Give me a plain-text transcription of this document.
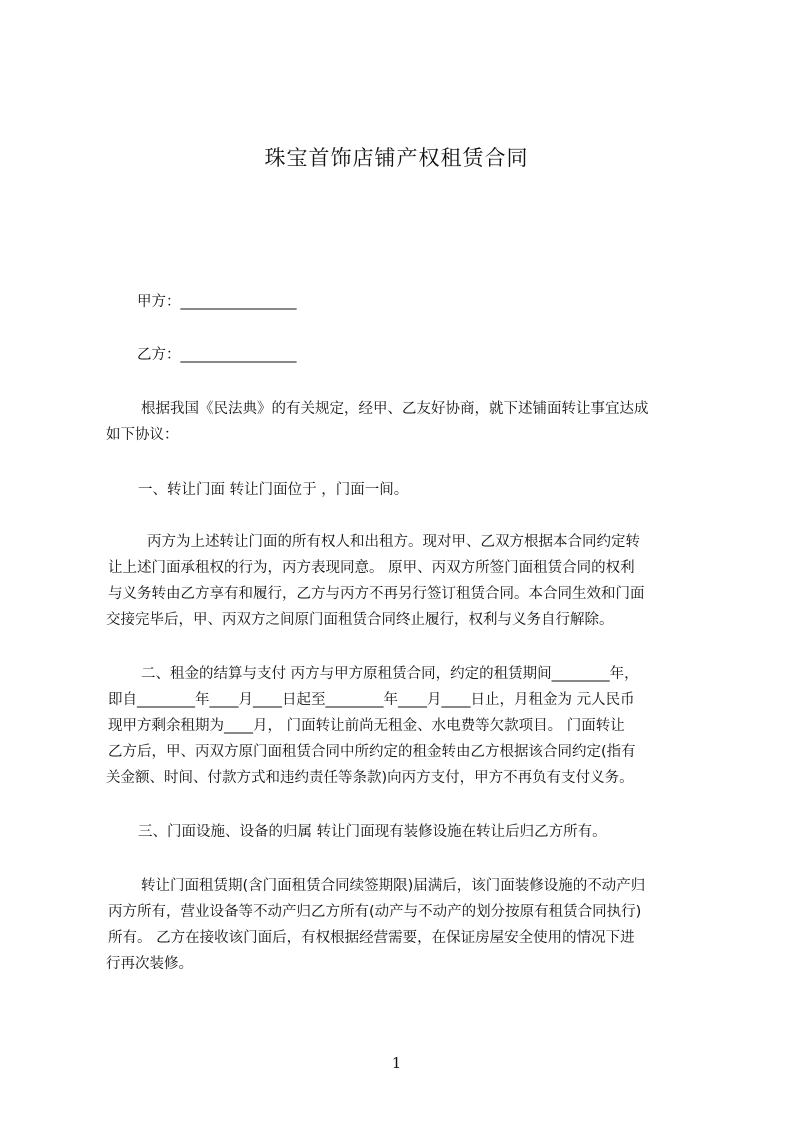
珠宝首饰店铺产权租赁合同
甲方：________________
乙方：________________
根据我国《民法典》的有关规定，经甲、乙友好协商，就下述铺面转让事宜达成
如下协议：
一、转让门面 转让门面位于 ，门面一间。
丙方为上述转让门面的所有权人和出租方。现对甲、乙双方根据本合同约定转
让上述门面承租权的行为，丙方表现同意。 原甲、丙双方所签门面租赁合同的权利
与义务转由乙方享有和履行，乙方与丙方不再另行签订租赁合同。本合同生效和门面
交接完毕后，甲、丙双方之间原门面租赁合同终止履行，权利与义务自行解除。
二、租金的结算与支付 丙方与甲方原租赁合同，约定的租赁期间________年，
即自________年____月____日起至________年____月____日止，月租金为 元人民币
现甲方剩余租期为____月， 门面转让前尚无租金、水电费等欠款项目。 门面转让
乙方后，甲、丙双方原门面租赁合同中所约定的租金转由乙方根据该合同约定(指有
关金额、时间、付款方式和违约责任等条款)向丙方支付，甲方不再负有支付义务。
三、门面设施、设备的归属 转让门面现有装修设施在转让后归乙方所有。
转让门面租赁期(含门面租赁合同续签期限)届满后，该门面装修设施的不动产归
丙方所有，营业设备等不动产归乙方所有(动产与不动产的划分按原有租赁合同执行)
所有。 乙方在接收该门面后，有权根据经营需要，在保证房屋安全使用的情况下进
行再次装修。
1
